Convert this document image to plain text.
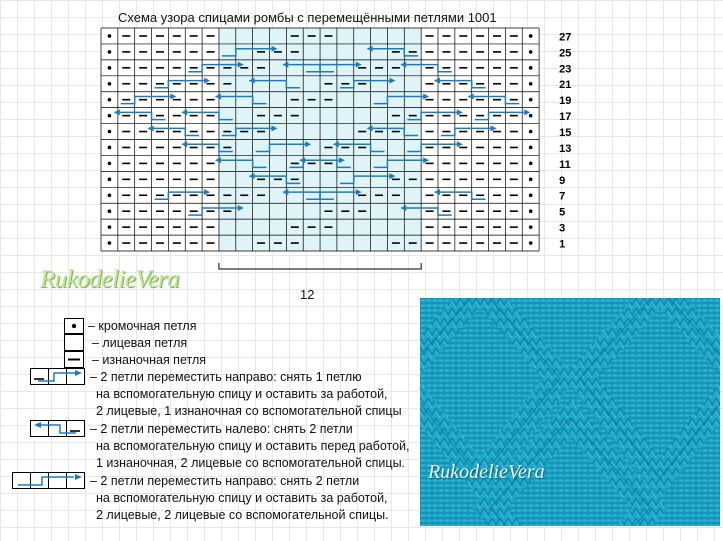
Схема узора спицами ромбы с перемещёнными петлями 1001
27
25
23
21
19
17
15
13
11
9
7
5
3
1
12
RukodelieVera
– кромочная петля
– лицевая петля
– изнаночная петля
– 2 петли переместить направо: снять 1 петлю
на вспомогательную спицу и оставить за работой,
2 лицевые, 1 изнаночная со вспомогательной спицы
– 2 петли переместить налево: снять 2 петли
на вспомогательную спицу и оставить перед работой,
1 изнаночная, 2 лицевые со вспомогательной спицы.
– 2 петли переместить направо: снять 2 петли
на вспомогательную спицу и оставить за работой,
2 лицевые, 2 лицевые со вспомогательной спицы.
RukodelieVera
